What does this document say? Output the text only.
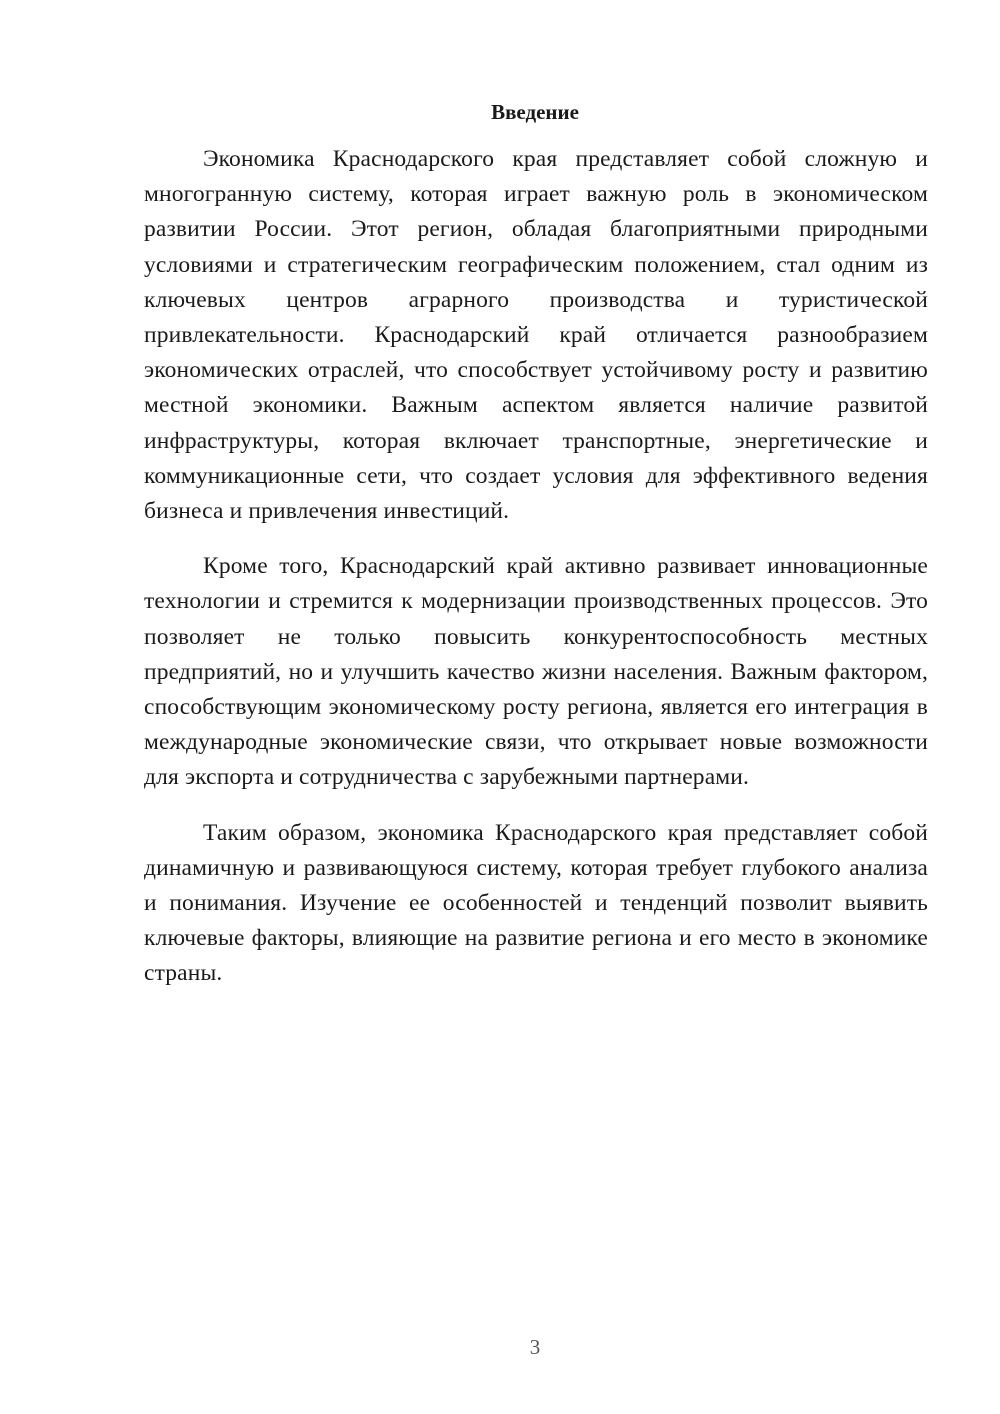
Введение

Экономика Краснодарского края представляет собой сложную и многогранную систему, которая играет важную роль в экономическом развитии России. Этот регион, обладая благоприятными природными условиями и стратегическим географическим положением, стал одним из ключевых центров аграрного производства и туристической привлекательности. Краснодарский край отличается разнообразием экономических отраслей, что способствует устойчивому росту и развитию местной экономики. Важным аспектом является наличие развитой инфраструктуры, которая включает транспортные, энергетические и коммуникационные сети, что создает условия для эффективного ведения бизнеса и привлечения инвестиций.

Кроме того, Краснодарский край активно развивает инновационные технологии и стремится к модернизации производственных процессов. Это позволяет не только повысить конкурентоспособность местных предприятий, но и улучшить качество жизни населения. Важным фактором, способствующим экономическому росту региона, является его интеграция в международные экономические связи, что открывает новые возможности для экспорта и сотрудничества с зарубежными партнерами.

Таким образом, экономика Краснодарского края представляет собой динамичную и развивающуюся систему, которая требует глубокого анализа и понимания. Изучение ее особенностей и тенденций позволит выявить ключевые факторы, влияющие на развитие региона и его место в экономике страны.

3
